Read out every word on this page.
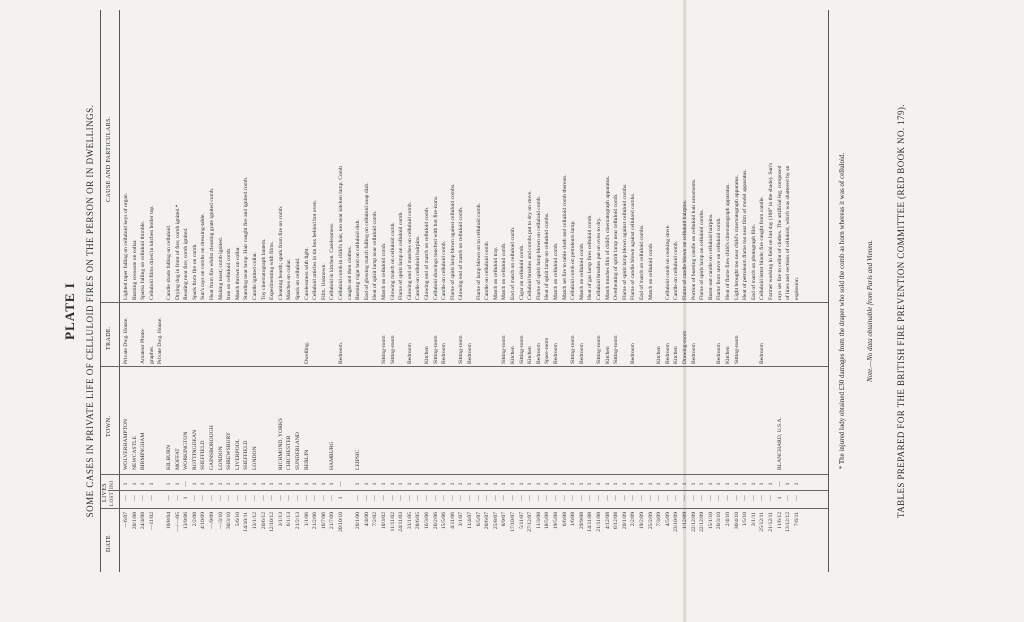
PLATE I SOME CASES IN PRIVATE LIFE OF CELLULOID FIRES ON THE PERSON OR IN DWELLINGS.
DATE
LIVES LOST
INJ
TOWN.
TRADE.
CAUSE AND PARTICULARS.
—6/07
—
1
WOLVERHAMPTON
Private Dwg. House.
Lighted taper falling on celluloid keys of organ.
20/1/08
—
1
NEWCASTLE
Burning creosote on collar.
24/4/08
—
1
BIRMINGHAM
Amateur Photo-
Sparks falling on celluloid thimble.
—11/02
—
1
grapher.
Celluloid films dried in kitchen boiler top.
Private Dwg. House.
10/8/04
—
1
KILBURN
Candle shade falling on celluloid.
—/—/05
—
1
MOFFAT
Drying dog in front of fire; comb ignited.*
13/9/06
1
—
WORKINGTON
Reading near fire; comb ignited.
2/2/08
—
1
ROTTINGDEAN
Spark from fire on comb.
4/10/09
—
1
SHEFFIELD
Sun's rays on combs on dressing-table.
—/9/09
—
1
GAINSBOROUGH
Heat from fire whilst cleaning grate ignited comb.
—/3/10
—
1
LONDON
Making toast; comb ignited.
30/3/10
—
1
SHREWSBURY
Iron on celluloid comb.
5/6/10
—
1
LIVERPOOL
Match thrown on collar.
14/10/11
—
1
SHEFFIELD
Standing near lamp. Hair caught fire and ignited comb.
13/1/12
—
1
LONDON
Candle ignited collar.
20/6/12
—
1
Toy cinematograph lantern.
12/10/12
—
1
Experimenting with films.
3/1/13
—
1
RICHMOND, YORKS
Cleaning hearth; spark from fire on comb.
6/1/13
—
1
CHICHESTER
Matches on collar.
21/2/13
—
1
SUNDERLAND
Spark on celluloid.
1/1/06
—
1
BERLIN
Dwelling.
Carelessness with light.
21/2/06
—
1
Celluloid articles in tin box behind hot oven.
16/7/06
—
1
Film. Unknown.
21/7/09
—
1
HAMBURG
Celluloid in kitchen. Carelessness.
20/10/10
1
—
Bedroom.
Celluloid comb in child's hair, too near kitchen lamp. Comb caught and then clothes.
20/1/00
—
1
LEIPSIC
Burning cigar laid on celluloid dish.
4/4/00
—
1
End of glowing match falling on celluloid soap dish.
7/2/02
—
1
Heat of spirit lamp near celluloid comb.
10/3/02
—
1
Sitting-room
Match on celluloid comb.
11/11/02
—
1
Sitting-room
Glowing match on celluloid comb.
24/11/03
—
1
Flame of spirit lamp on celluloid comb.
31/1/05
—
1
Bedroom
Glowing end of matches on celluloid comb.
28/6/05
—
1
Candle on celluloid hairpins.
16/3/06
—
1
Kitchen
Glowing end of match on celluloid comb.
20/2/06
—
1
Sitting-room
Celluloid shavings touched with hot fire-irons.
15/5/06
—
1
Bedroom
Candle on celluloid comb.
4/11/06
—
1
Flame of spirit lamp blown against celluloid combs.
3/1/07
—
1
Sitting-room
Glowing end of match on celluloid comb.
11/4/07
—
1
Bedroom
6/5/07
—
1
Flame of lamp blown on to celluloid comb.
20/6/07
—
1
Candle on celluloid comb.
25/8/07
—
1
Match on celluloid tray.
8/9/07
—
1
Sitting-room
Match on celluloid comb.
17/10/07
—
1
Kitchen
End of match on celluloid comb.
5/11/07
—
1
Sitting-room
Cigar on celluloid comb.
27/12/07
—
1
Kitchen
Celluloid brushes and combs put to dry on stove.
11/3/08
—
1
Bedroom
Flame of spirit lamp blown on celluloid comb.
18/5/08
—
1
Spare-room
Heat of spirit lamp on celluloid combs.
19/5/08
—
1
Bedroom
Match on celluloid comb.
6/6/08
—
1
Match set fire to table cloth and celluloid comb thereon.
1/6/08
—
1
Sitting-room
Celluloid comb on petroleum lamp.
29/9/08
—
1
Bedroom
Match on celluloid comb.
14/11/08
—
1
Heat of gas lamp fires celluloid comb.
21/11/08
—
1
Sitting-room
Celluloid brushes put on oven to dry.
4/12/08
—
1
Kitchen
Match touches film of child's cinematograph apparatus.
6/12/08
—
1
Sitting-room
Overheating of spirit lamp near celluloid comb.
20/1/09
—
1
Flame of spirit lamp blown against celluloid combs.
2/2/09
—
1
Bedroom
Flame of candle blown against celluloid combs.
19/2/09
—
1
End of match on celluloid combs.
25/2/09
—
1
Match on celluloid comb.
7/3/09
—
1
Kitchen
4/5/09
—
1
Bedroom
Celluloid comb on cooking stove.
23/10/09
—
1
Kitchen
Candle on celluloid comb.
1/12/09
—
1
Drawing-room
Flame of candle blown on celluloid hairpins.
22/12/09
—
1
Bedroom
Portion of burning candle on celluloid hair ornaments.
22/12/09
—
1
Flame of spirit lamp on celluloid combs.
15/1/10
—
1
Burnt-out candle on celluloid hairpins.
20/3/10
—
1
Bedroom
Flame from stove on celluloid comb.
2/4/10
—
1
Kitchen
Heat of flame fires child's cinematograph apparatus.
30/4/10
—
1
Sitting-room
Light brought too near child's cinematograph apparatus.
1/5/10
—
1
Heat of petroleum flame too near film of model apparatus.
3/1/11
—
1
End of match on photograph film.
25/12/11
—
1
Bedroom
Celluloid letter blade; fire caught from candle.
21/12/11
—
1
Farmer working in field on hot day (100° in the shade). Sun's
11/6/12
1
—
BLANCHARD, U.S.A.
rays set fire to cellar of clothes. The artificial leg, composed
13/12/12
—
1
of lines and sections of celluloid, which was shattered by an
7/6/11
—
1
explosion.	* The injured lady obtained £30 damages from the draper who sold the comb as horn whereas it was of celluloid.	Note.—No data obtainable from Paris and Vienna. TABLES PREPARED FOR THE BRITISH FIRE PREVENTION COMMITTEE (RED BOOK NO. 179).
